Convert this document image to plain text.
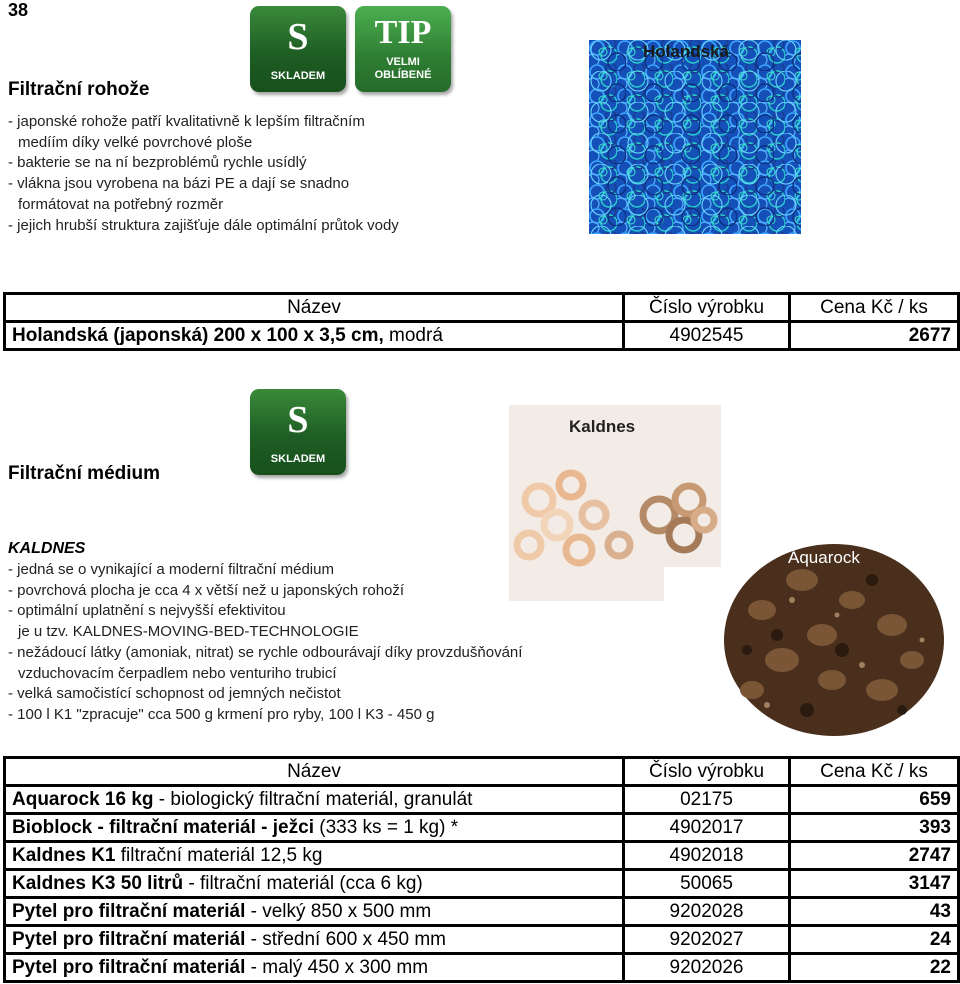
38
Filtrační rohože
S
SKLADEM
TIP
VELMI
OBLÍBENÉ
Holandská
- japonské rohože patří kvalitativně k lepším filtračním
medíím díky velké povrchové ploše
- bakterie se na ní bezproblémů rychle usídlý
- vlákna jsou vyrobena na bázi PE a dají se snadno
formátovat na potřebný rozměr
- jejich hrubší struktura zajišťuje dále optimální průtok vody
Název	Číslo výrobku	Cena Kč / ks
Holandská (japonská) 200 x 100 x 3,5 cm, modrá	4902545	2677
S
SKLADEM
Filtrační médium
Kaldnes
Aquarock
KALDNES
- jedná se o vynikající a moderní filtrační médium
- povrchová plocha je cca 4 x větší než u japonských rohoží
- optimální uplatnění s nejvyšší efektivitou
je u tzv. KALDNES-MOVING-BED-TECHNOLOGIE
- nežádoucí látky (amoniak, nitrat) se rychle odbourávají díky provzdušňování
vzduchovacím čerpadlem nebo venturiho trubicí
- velká samočistící schopnost od jemných nečistot
- 100 l K1 "zpracuje" cca 500 g krmení pro ryby, 100 l K3 - 450 g
Název	Číslo výrobku	Cena Kč / ks
Aquarock 16 kg - biologický filtrační materiál, granulát	02175	659
Bioblock - filtrační materiál - ježci (333 ks = 1 kg) *	4902017	393
Kaldnes K1 filtrační materiál 12,5 kg	4902018	2747
Kaldnes K3 50 litrů - filtrační materiál (cca 6 kg)	50065	3147
Pytel pro filtrační materiál - velký 850 x 500 mm	9202028	43
Pytel pro filtrační materiál - střední 600 x 450 mm	9202027	24
Pytel pro filtrační materiál - malý 450 x 300 mm	9202026	22
